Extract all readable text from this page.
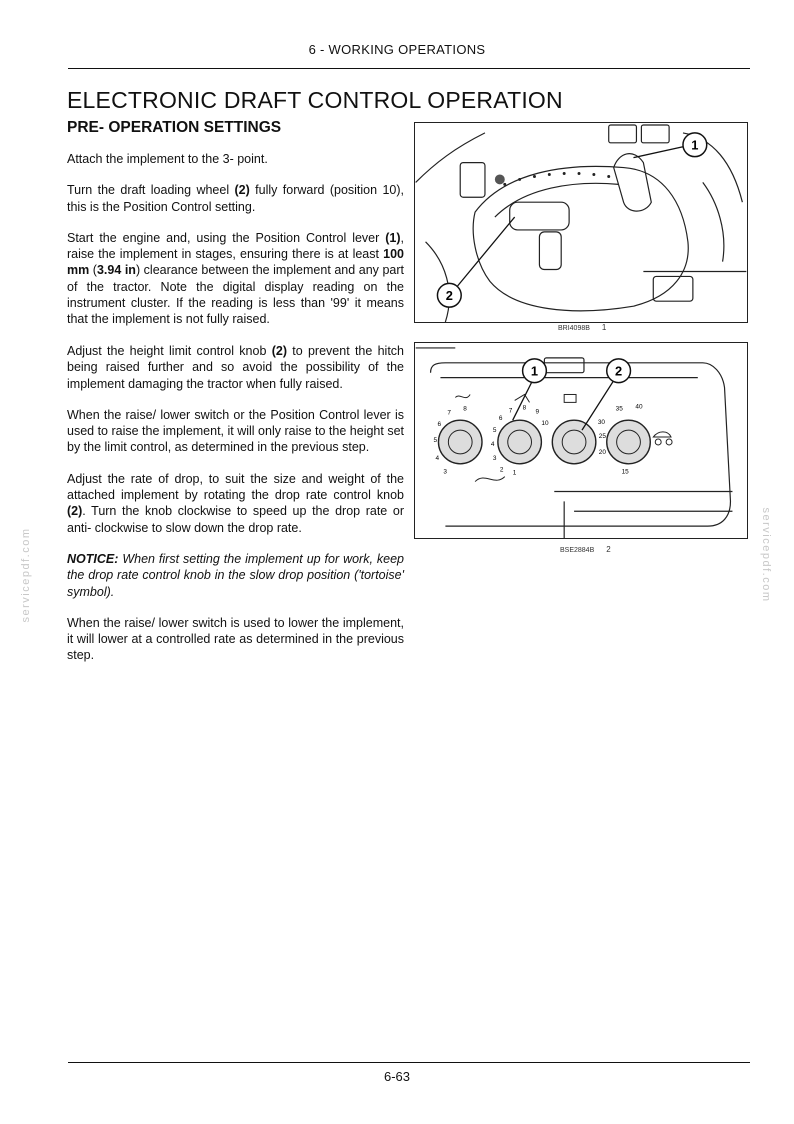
6 - WORKING OPERATIONS
ELECTRONIC DRAFT CONTROL OPERATION
PRE- OPERATION SETTINGS

Attach the implement to the 3- point.

Turn the draft loading wheel (2) fully forward (position 10), this is the Position Control setting.

Start the engine and, using the Position Control lever (1), raise the implement in stages, ensuring there is at least 100 mm (3.94 in) clearance between the implement and any part of the tractor. Note the digital display reading on the instrument cluster. If the reading is less than '99' it means that the implement is not fully raised.

Adjust the height limit control knob (2) to prevent the hitch being raised further and so avoid the possibility of the implement damaging the tractor when fully raised.

When the raise/ lower switch or the Position Control lever is used to raise the implement, it will only raise to the height set by the limit control, as determined in the previous step.

Adjust the rate of drop, to suit the size and weight of the attached implement by rotating the drop rate control knob (2). Turn the knob clockwise to speed up the drop rate or anti- clockwise to slow down the drop rate.

NOTICE: When first setting the implement up for work, keep the drop rate control knob in the slow drop position ('tortoise' symbol).

When the raise/ lower switch is used to lower the implement, it will lower at a controlled rate as determined in the previous step.

1
2
BRI4098B 1
3
4
5
6
7
8
1
2
3
4
5
6
7 8
9
10
15
20
25
30
35 40
1	2
BSE2884B 2
servicepdf.com	servicepdf.com
6-63
